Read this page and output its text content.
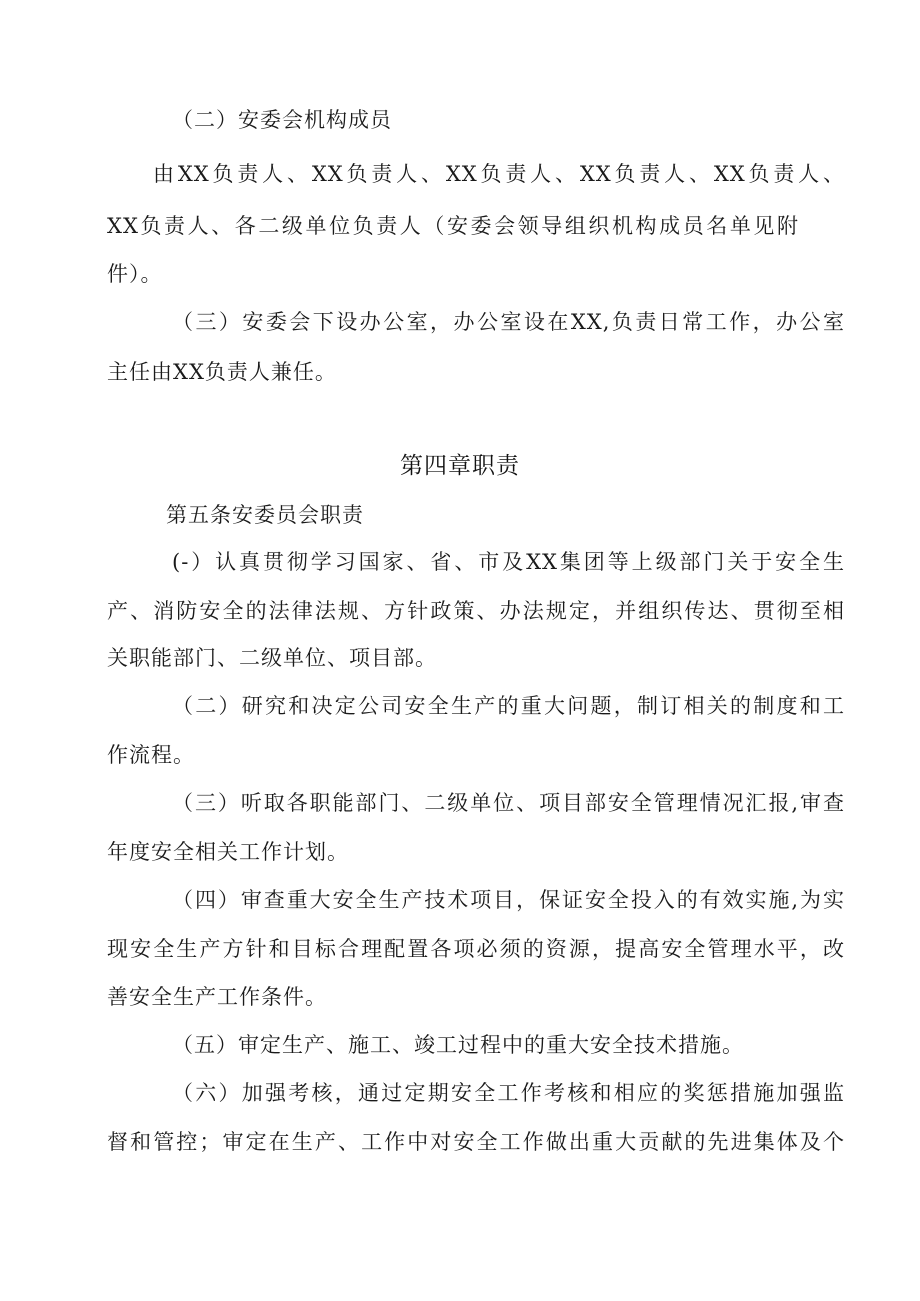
（二）安委会机构成员
由XX负责人、XX负责人、XX负责人、XX负责人、XX负责人、
XX负责人、各二级单位负责人（安委会领导组织机构成员名单见附
件）。
（三）安委会下设办公室，办公室设在XX,负责日常工作，办公室
主任由XX负责人兼任。
第四章职责
第五条安委员会职责
(-）认真贯彻学习国家、省、市及XX集团等上级部门关于安全生
产、消防安全的法律法规、方针政策、办法规定，并组织传达、贯彻至相
关职能部门、二级单位、项目部。
（二）研究和决定公司安全生产的重大问题，制订相关的制度和工
作流程。
（三）听取各职能部门、二级单位、项目部安全管理情况汇报,审查
年度安全相关工作计划。
（四）审查重大安全生产技术项目，保证安全投入的有效实施,为实
现安全生产方针和目标合理配置各项必须的资源，提高安全管理水平，改
善安全生产工作条件。
（五）审定生产、施工、竣工过程中的重大安全技术措施。
（六）加强考核，通过定期安全工作考核和相应的奖惩措施加强监
督和管控；审定在生产、工作中对安全工作做出重大贡献的先进集体及个
